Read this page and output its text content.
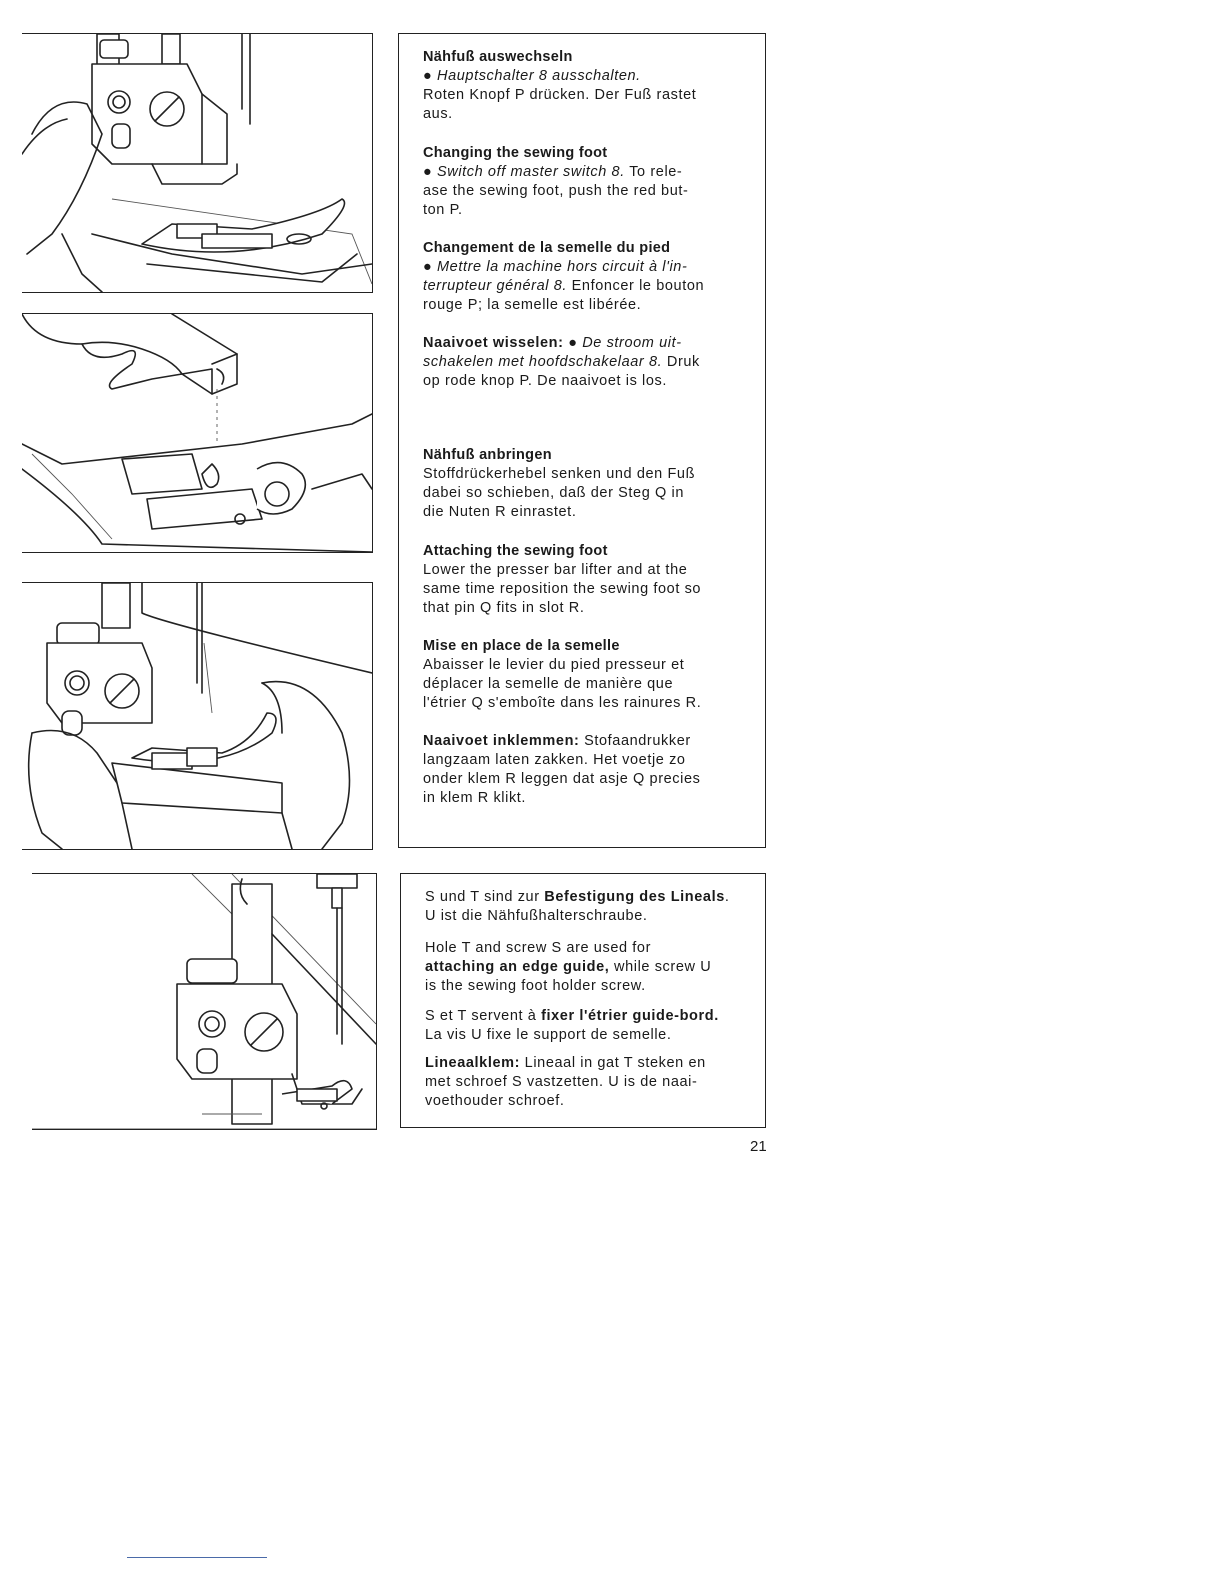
Nähfuß auswechseln

● Hauptschalter 8 ausschalten.

Roten Knopf P drücken. Der Fuß rastet

aus.

Changing the sewing foot

● Switch off master switch 8. To rele-

ase the sewing foot, push the red but-

ton P.

Changement de la semelle du pied

● Mettre la machine hors circuit à l'in-

terrupteur général 8. Enfoncer le bouton

rouge P; la semelle est libérée.

Naaivoet wisselen: ● De stroom uit-

schakelen met hoofdschakelaar 8. Druk

op rode knop P. De naaivoet is los.

Nähfuß anbringen

Stoffdrückerhebel senken und den Fuß

dabei so schieben, daß der Steg Q in

die Nuten R einrastet.

Attaching the sewing foot

Lower the presser bar lifter and at the

same time reposition the sewing foot so

that pin Q fits in slot R.

Mise en place de la semelle

Abaisser le levier du pied presseur et

déplacer la semelle de manière que

l'étrier Q s'emboîte dans les rainures R.

Naaivoet inklemmen: Stofaandrukker

langzaam laten zakken. Het voetje zo

onder klem R leggen dat asje Q precies

in klem R klikt.

S und T sind zur Befestigung des Lineals.

U ist die Nähfußhalterschraube.

Hole T and screw S are used for

attaching an edge guide, while screw U

is the sewing foot holder screw.

S et T servent à fixer l'étrier guide-bord.

La vis U fixe le support de semelle.

Lineaalklem: Lineaal in gat T steken en

met schroef S vastzetten. U is de naai-

voethouder schroef.

21
